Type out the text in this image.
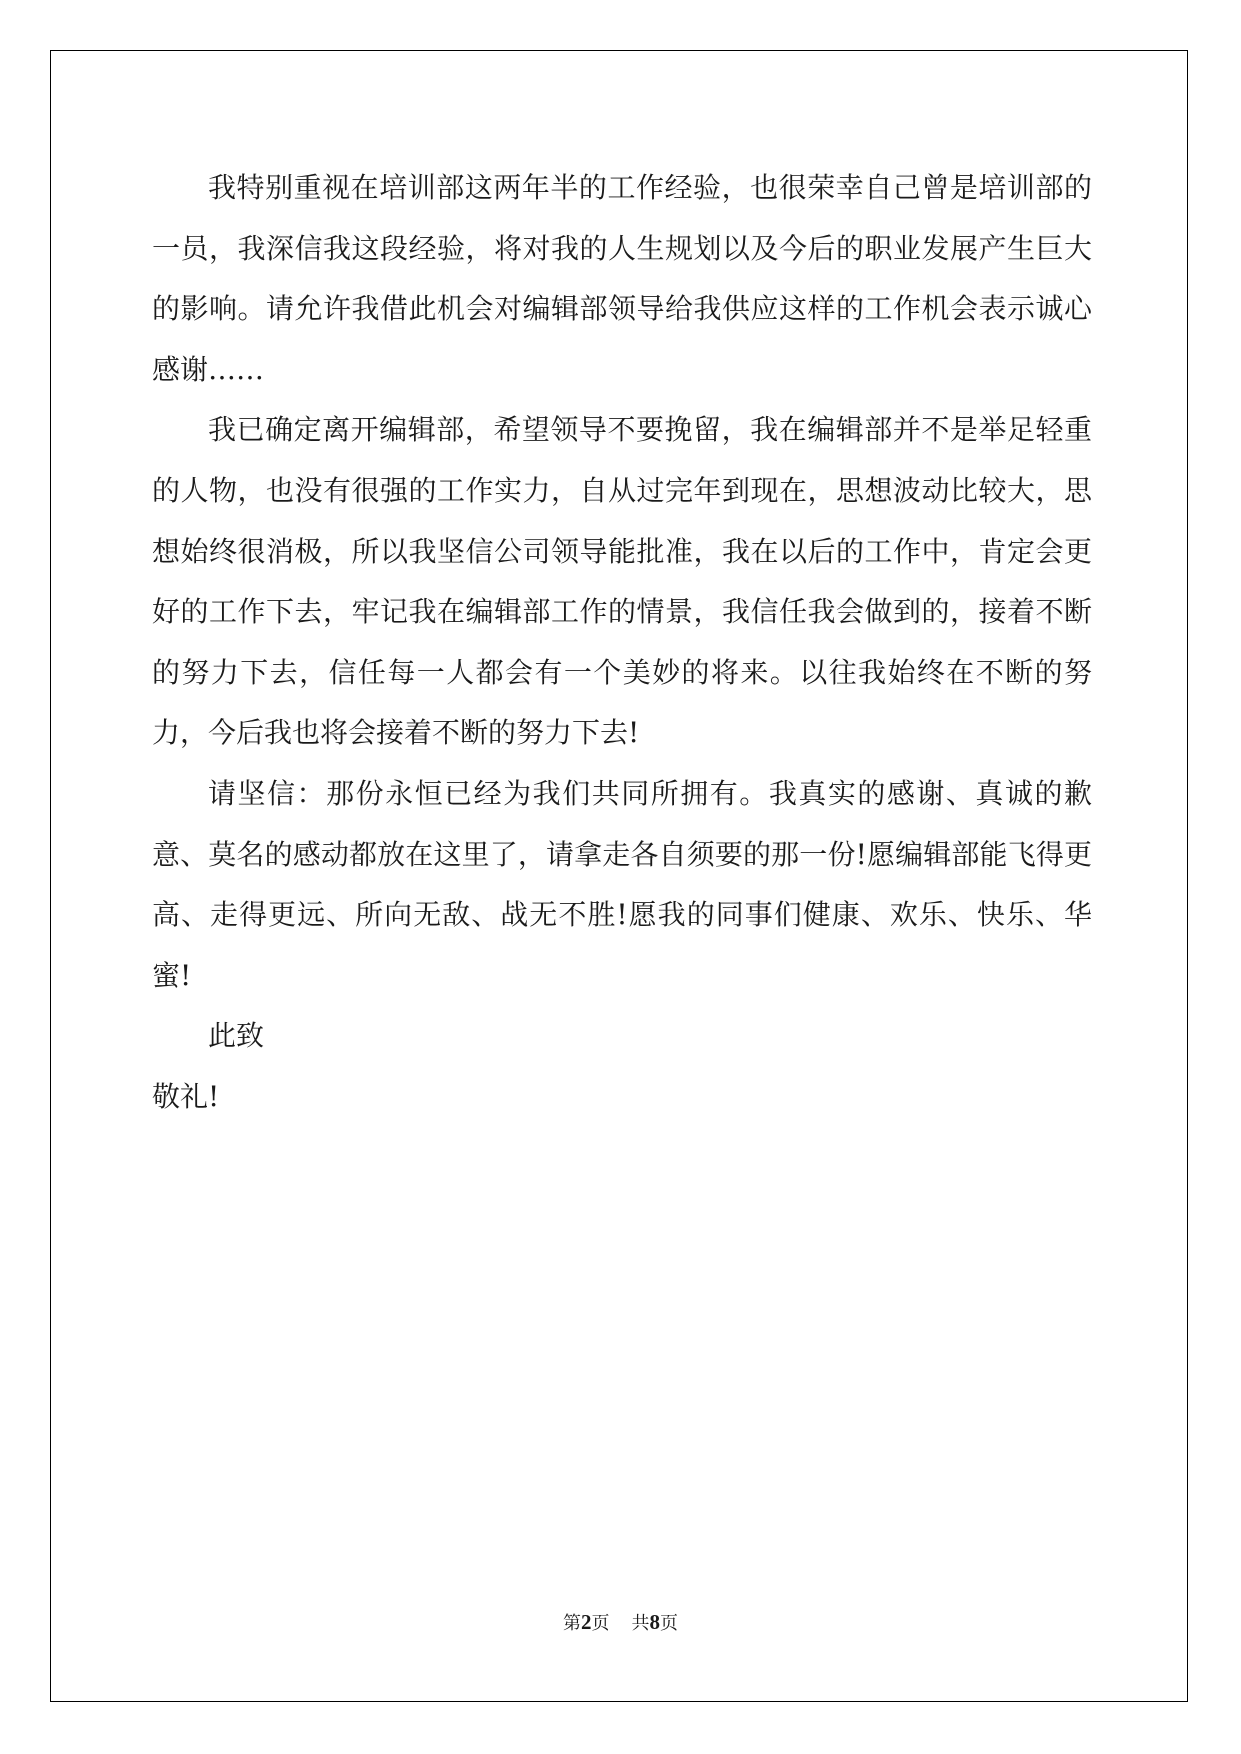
我特别重视在培训部这两年半的工作经验，也很荣幸自己曾是培训部的一员，我深信我这段经验，将对我的人生规划以及今后的职业发展产生巨大的影响。请允许我借此机会对编辑部领导给我供应这样的工作机会表示诚心感谢……

我已确定离开编辑部，希望领导不要挽留，我在编辑部并不是举足轻重的人物，也没有很强的工作实力，自从过完年到现在，思想波动比较大，思想始终很消极，所以我坚信公司领导能批准，我在以后的工作中，肯定会更好的工作下去，牢记我在编辑部工作的情景，我信任我会做到的，接着不断的努力下去，信任每一人都会有一个美妙的将来。以往我始终在不断的努力，今后我也将会接着不断的努力下去!

请坚信：那份永恒已经为我们共同所拥有。我真实的感谢、真诚的歉意、莫名的感动都放在这里了，请拿走各自须要的那一份!愿编辑部能飞得更高、走得更远、所向无敌、战无不胜!愿我的同事们健康、欢乐、快乐、华蜜!

此致

敬礼!

第2页 共8页
